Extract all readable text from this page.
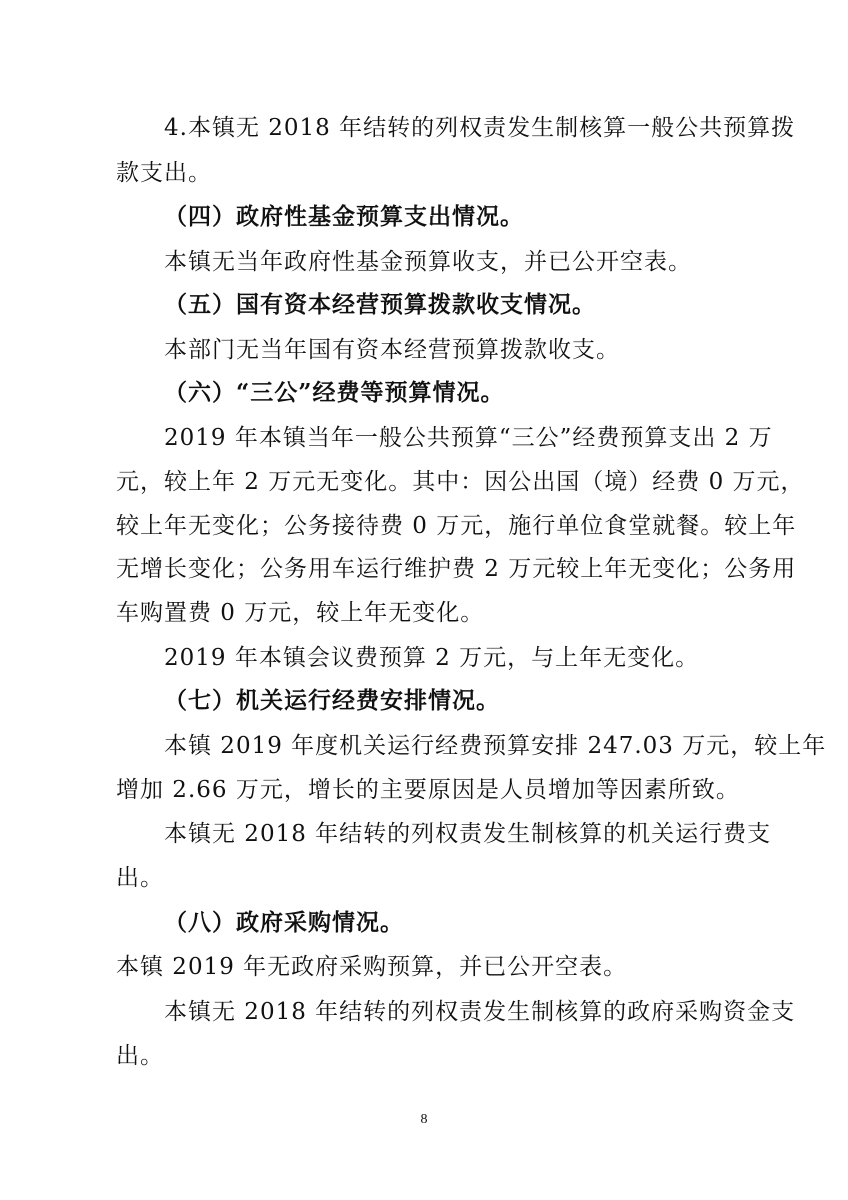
4.本镇无 2018 年结转的列权责发生制核算一般公共预算拨
款支出。
（四）政府性基金预算支出情况。
本镇无当年政府性基金预算收支，并已公开空表。
（五）国有资本经营预算拨款收支情况。
本部门无当年国有资本经营预算拨款收支。
（六）“三公”经费等预算情况。
2019 年本镇当年一般公共预算“三公”经费预算支出 2 万
元，较上年 2 万元无变化。其中：因公出国（境）经费 0 万元，
较上年无变化；公务接待费 0 万元，施行单位食堂就餐。较上年
无增长变化；公务用车运行维护费 2 万元较上年无变化；公务用
车购置费 0 万元，较上年无变化。
2019 年本镇会议费预算 2 万元，与上年无变化。
（七）机关运行经费安排情况。
本镇 2019 年度机关运行经费预算安排 247.03 万元，较上年
增加 2.66 万元，增长的主要原因是人员增加等因素所致。
本镇无 2018 年结转的列权责发生制核算的机关运行费支
出。
（八）政府采购情况。
本镇 2019 年无政府采购预算，并已公开空表。
本镇无 2018 年结转的列权责发生制核算的政府采购资金支
出。
8
